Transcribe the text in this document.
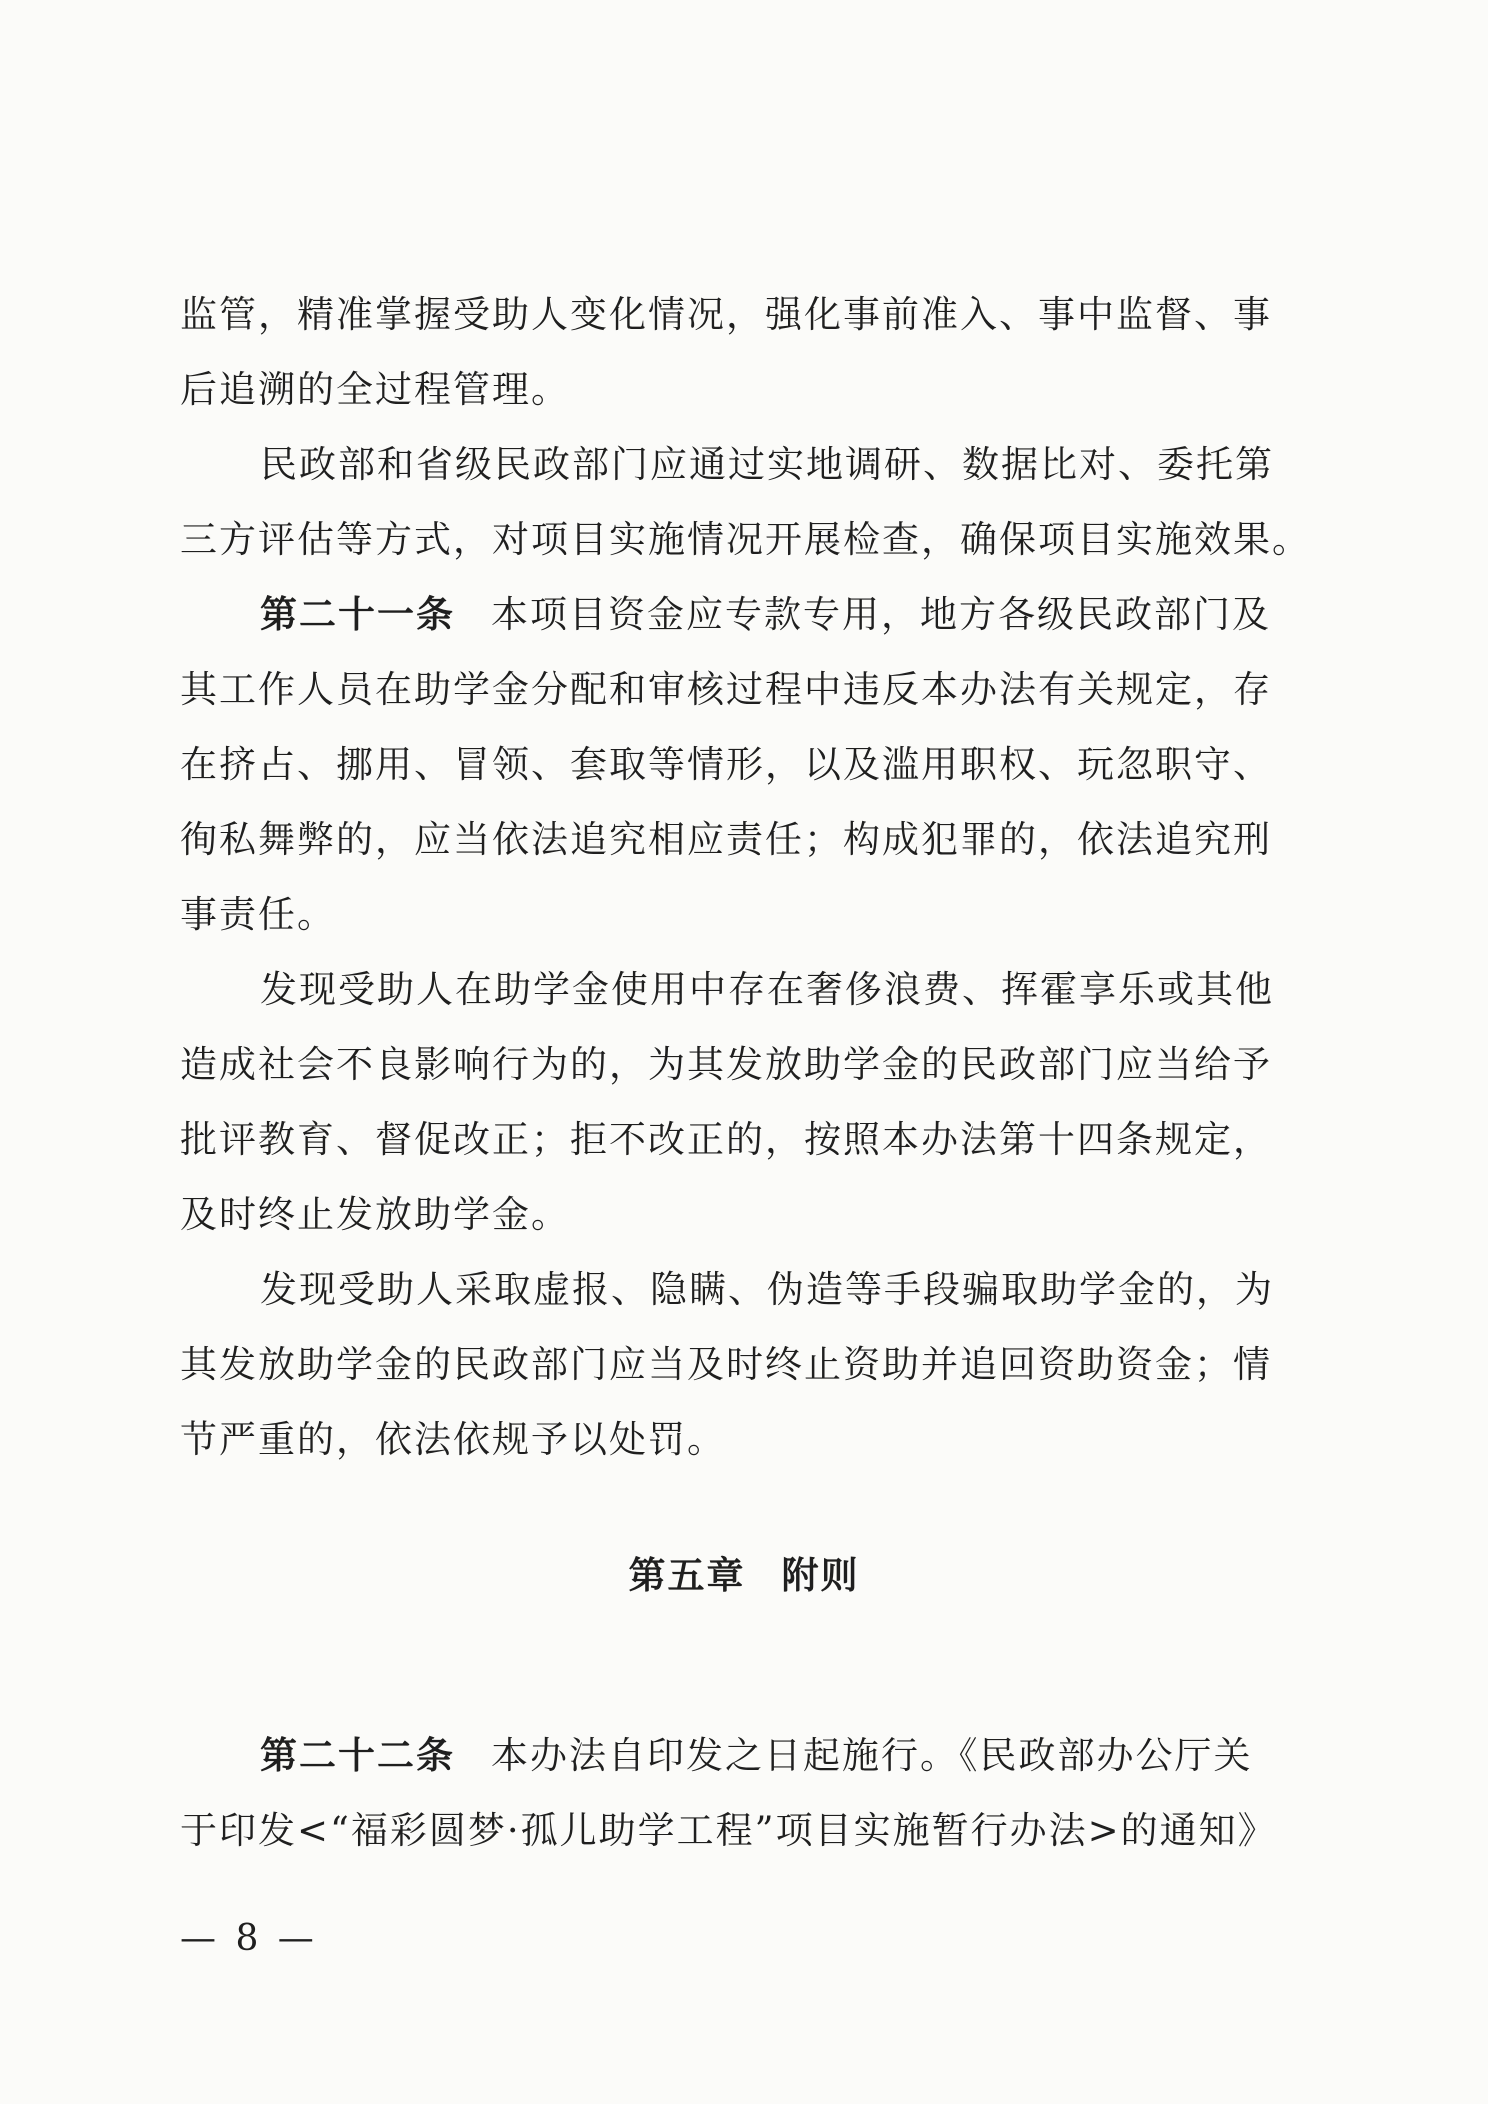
监管，精准掌握受助人变化情况，强化事前准入、事中监督、事
后追溯的全过程管理。
民政部和省级民政部门应通过实地调研、数据比对、委托第
三方评估等方式，对项目实施情况开展检查，确保项目实施效果。
第二十一条 本项目资金应专款专用，地方各级民政部门及
其工作人员在助学金分配和审核过程中违反本办法有关规定，存
在挤占、挪用、冒领、套取等情形，以及滥用职权、玩忽职守、
徇私舞弊的，应当依法追究相应责任；构成犯罪的，依法追究刑
事责任。
发现受助人在助学金使用中存在奢侈浪费、挥霍享乐或其他
造成社会不良影响行为的，为其发放助学金的民政部门应当给予
批评教育、督促改正；拒不改正的，按照本办法第十四条规定，
及时终止发放助学金。
发现受助人采取虚报、隐瞒、伪造等手段骗取助学金的，为
其发放助学金的民政部门应当及时终止资助并追回资助资金；情
节严重的，依法依规予以处罚。
第五章 附则
第二十二条 本办法自印发之日起施行。《民政部办公厅关
于印发<“福彩圆梦·孤儿助学工程”项目实施暂行办法>的通知》
— 8 —
